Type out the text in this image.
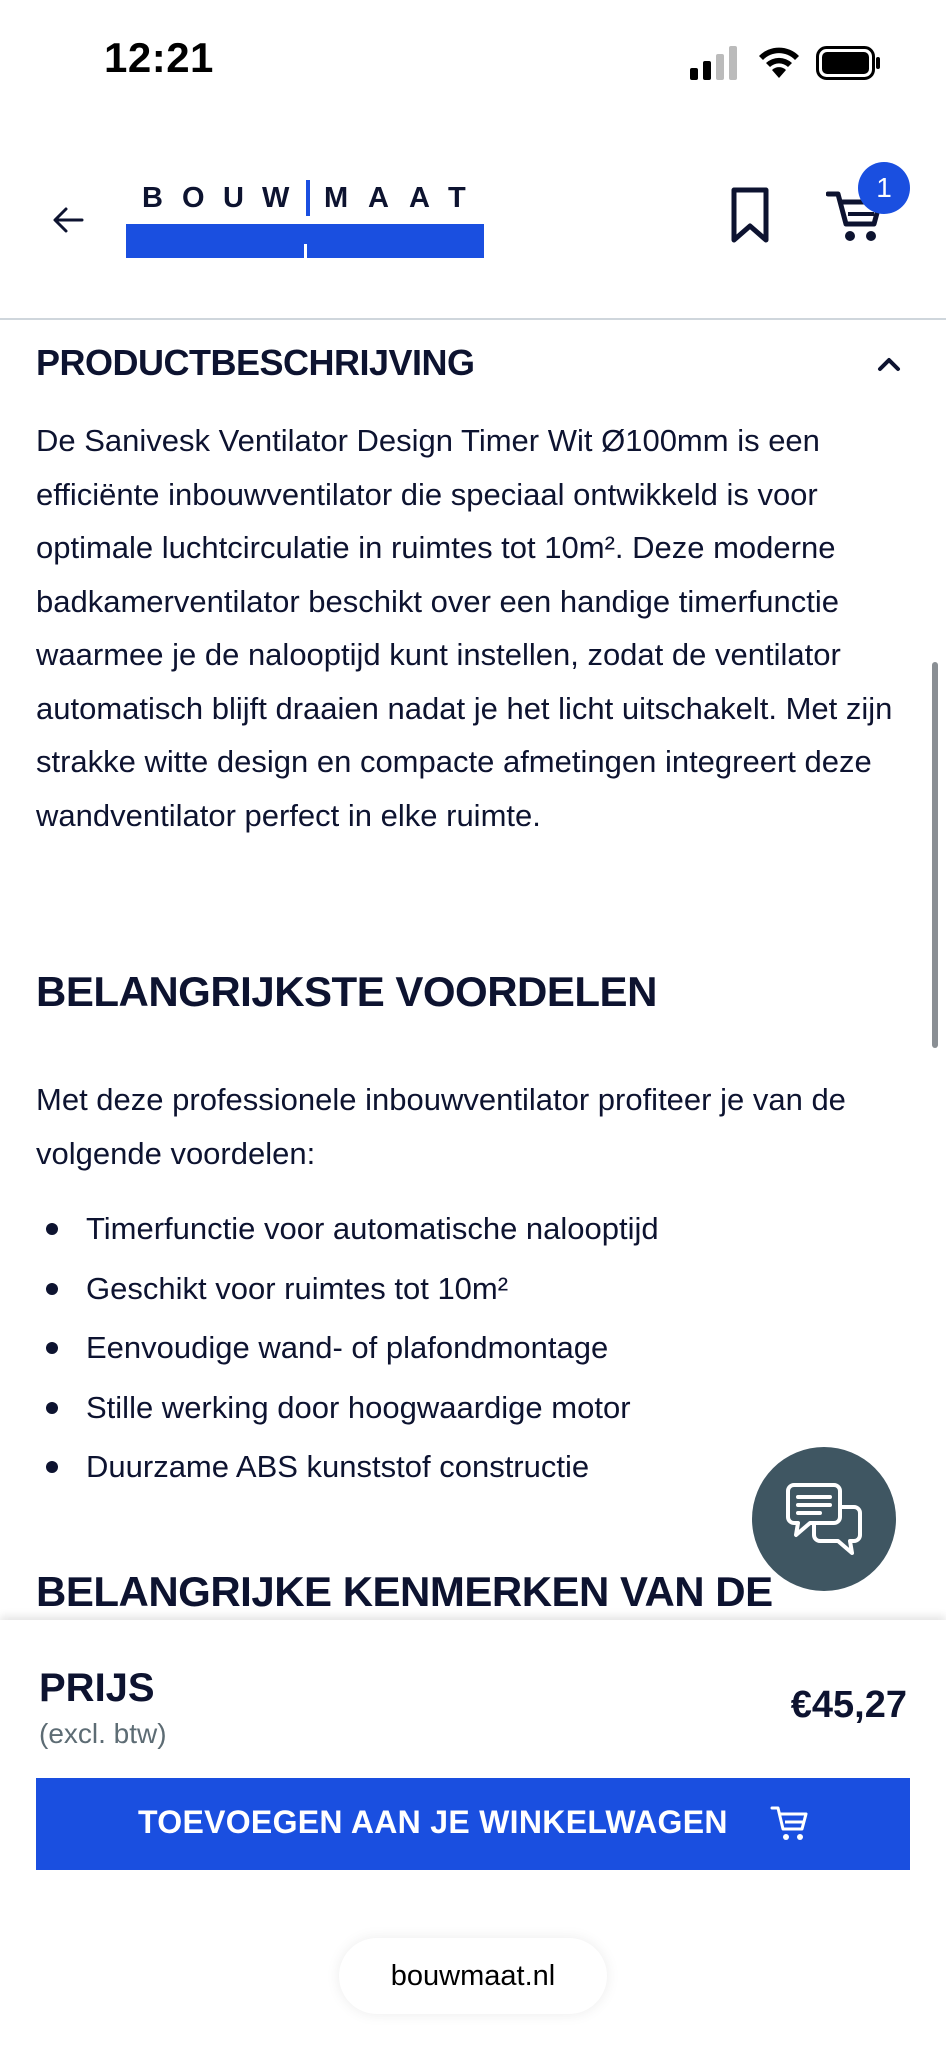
12:21
B O U W M A A T	1
PRODUCTBESCHRIJVING

De Sanivesk Ventilator Design Timer Wit Ø100mm is een efficiënte inbouwventilator die speciaal ontwikkeld is voor optimale luchtcirculatie in ruimtes tot 10m². Deze moderne badkamerventilator beschikt over een handige timerfunctie waarmee je de nalooptijd kunt instellen, zodat de ventilator automatisch blijft draaien nadat je het licht uitschakelt. Met zijn strakke witte design en compacte afmetingen integreert deze wandventilator perfect in elke ruimte.

BELANGRIJKSTE VOORDELEN

Met deze professionele inbouwventilator profiteer je van de volgende voordelen:

Timerfunctie voor automatische nalooptijd
Geschikt voor ruimtes tot 10m²
Eenvoudige wand- of plafondmontage
Stille werking door hoogwaardige motor
Duurzame ABS kunststof constructie
BELANGRIJKE KENMERKEN VAN DE
PRIJS
(excl. btw)
€45,27
TOEVOEGEN AAN JE WINKELWAGEN
bouwmaat.nl
